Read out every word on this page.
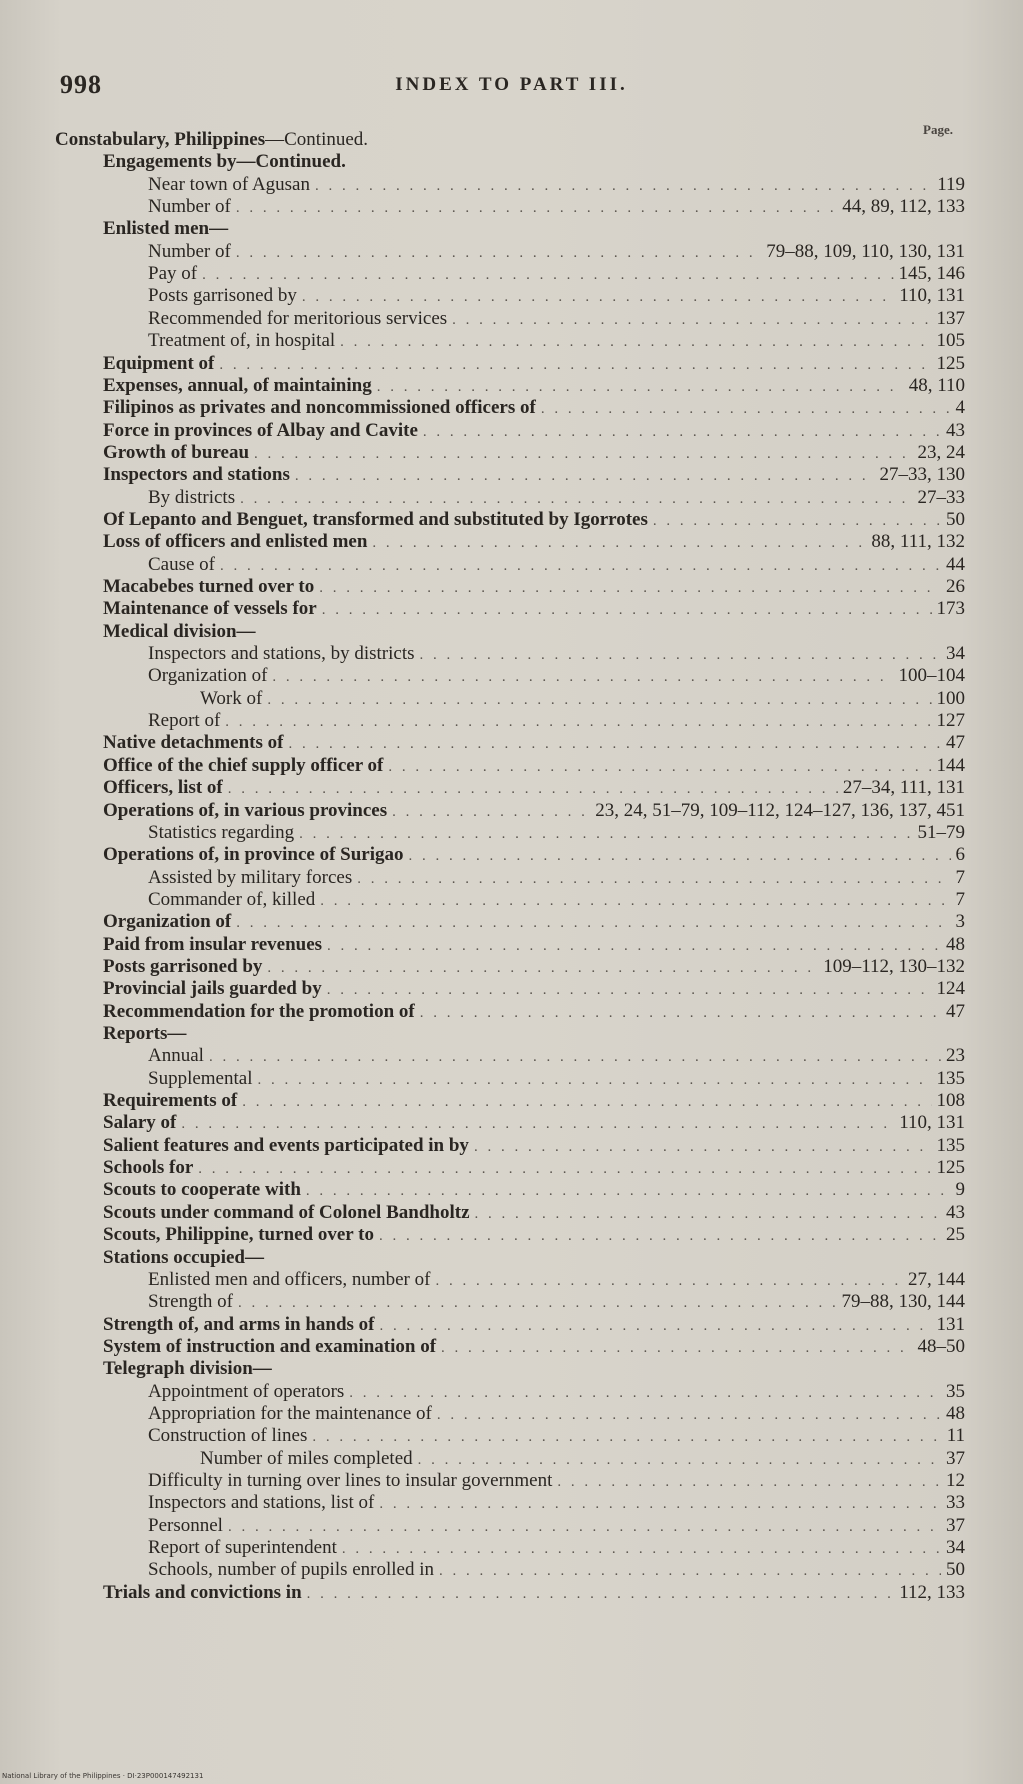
998	INDEX TO PART III.
Page.
Constabulary, Philippines —Continued.
Engagements by—Continued.
Near town of Agusan . . .	119
Number of . . .	44, 89, 112, 133
Enlisted men—
Number of . . .	79–88, 109, 110, 130, 131
Pay of . . .	145, 146
Posts garrisoned by . . .	110, 131
Recommended for meritorious services . . .	137
Treatment of, in hospital . . .	105
Equipment of . . .	125
Expenses, annual, of maintaining . . .	48, 110
Filipinos as privates and noncommissioned officers of . . .	4
Force in provinces of Albay and Cavite . . .	43
Growth of bureau . . .	23, 24
Inspectors and stations . . .	27–33, 130
By districts . . .	27–33
Of Lepanto and Benguet, transformed and substituted by Igorrotes . . .	50
Loss of officers and enlisted men . . .	88, 111, 132
Cause of . . .	44
Macabebes turned over to . . .	26
Maintenance of vessels for . . .	173
Medical division—
Inspectors and stations, by districts . . .	34
Organization of . . .	100–104
Work of . . .	100
Report of . . .	127
Native detachments of . . .	47
Office of the chief supply officer of . . .	144
Officers, list of . . .	27–34, 111, 131
Operations of, in various provinces . . .	23, 24, 51–79, 109–112, 124–127, 136, 137, 451
Statistics regarding . . .	51–79
Operations of, in province of Surigao . . .	6
Assisted by military forces . . .	7
Commander of, killed . . .	7
Organization of . . .	3
Paid from insular revenues . . .	48
Posts garrisoned by . . .	109–112, 130–132
Provincial jails guarded by . . .	124
Recommendation for the promotion of . . .	47
Reports—
Annual . . .	23
Supplemental . . .	135
Requirements of . . .	108
Salary of . . .	110, 131
Salient features and events participated in by . . .	135
Schools for . . .	125
Scouts to cooperate with . . .	9
Scouts under command of Colonel Bandholtz . . .	43
Scouts, Philippine, turned over to . . .	25
Stations occupied—
Enlisted men and officers, number of . . .	27, 144
Strength of . . .	79–88, 130, 144
Strength of, and arms in hands of . . .	131
System of instruction and examination of . . .	48–50
Telegraph division—
Appointment of operators . . .	35
Appropriation for the maintenance of . . .	48
Construction of lines . . .	11
Number of miles completed . . .	37
Difficulty in turning over lines to insular government . . .	12
Inspectors and stations, list of . . .	33
Personnel . . .	37
Report of superintendent . . .	34
Schools, number of pupils enrolled in . . .	50
Trials and convictions in . . .	112, 133
National Library of the Philippines · DI·23P000147492131
